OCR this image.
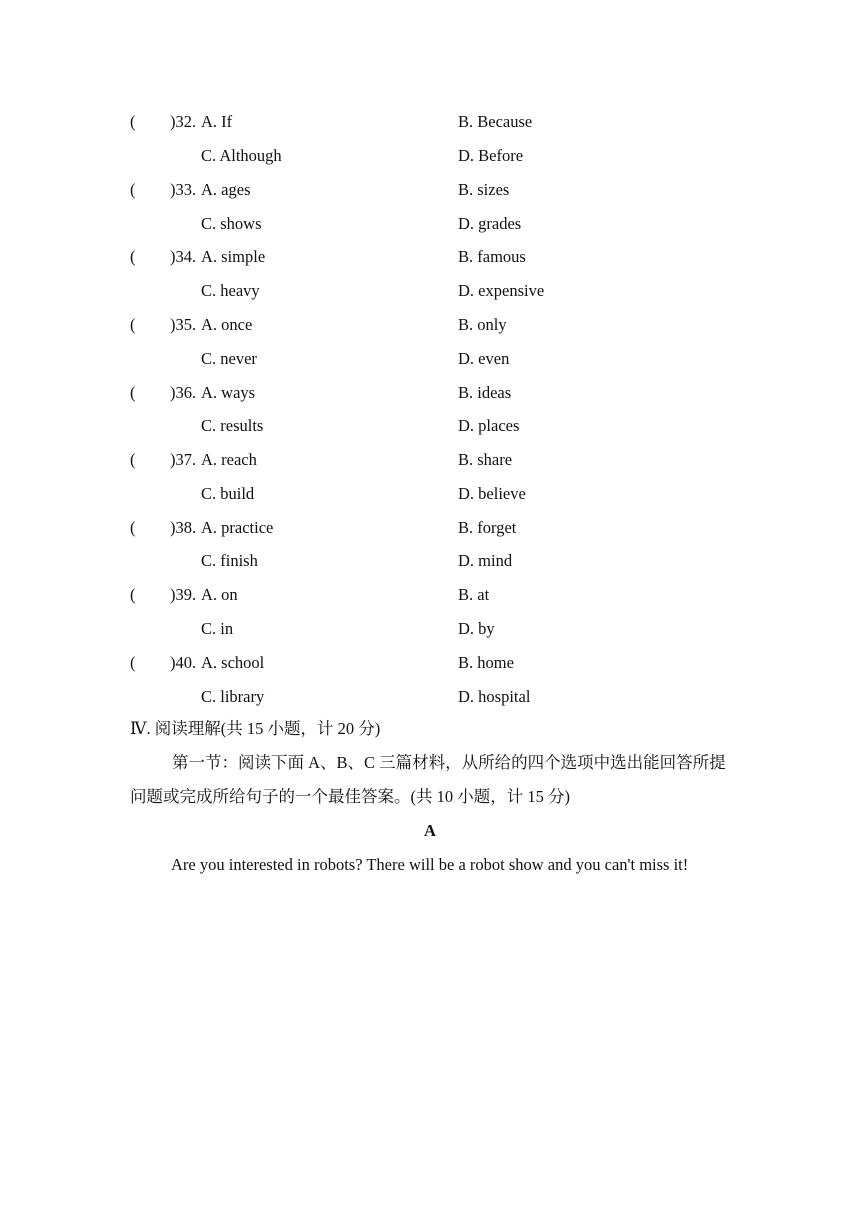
( )32. A. If	B. Because
C. Although	D. Before
( )33. A. ages	B. sizes
C. shows	D. grades
( )34. A. simple	B. famous
C. heavy	D. expensive
( )35. A. once	B. only
C. never	D. even
( )36. A. ways	B. ideas
C. results	D. places
( )37. A. reach	B. share
C. build	D. believe
( )38. A. practice	B. forget
C. finish	D. mind
( )39. A. on	B. at
C. in	D. by
( )40. A. school	B. home
C. library	D. hospital
Ⅳ. 阅读理解(共 15 小题，计 20 分)
第一节：阅读下面 A、B、C 三篇材料，从所给的四个选项中选出能回答所提问题或完成所给句子的一个最佳答案。(共 10 小题，计 15 分)
A
Are you interested in robots? There will be a robot show and you can't miss it!
